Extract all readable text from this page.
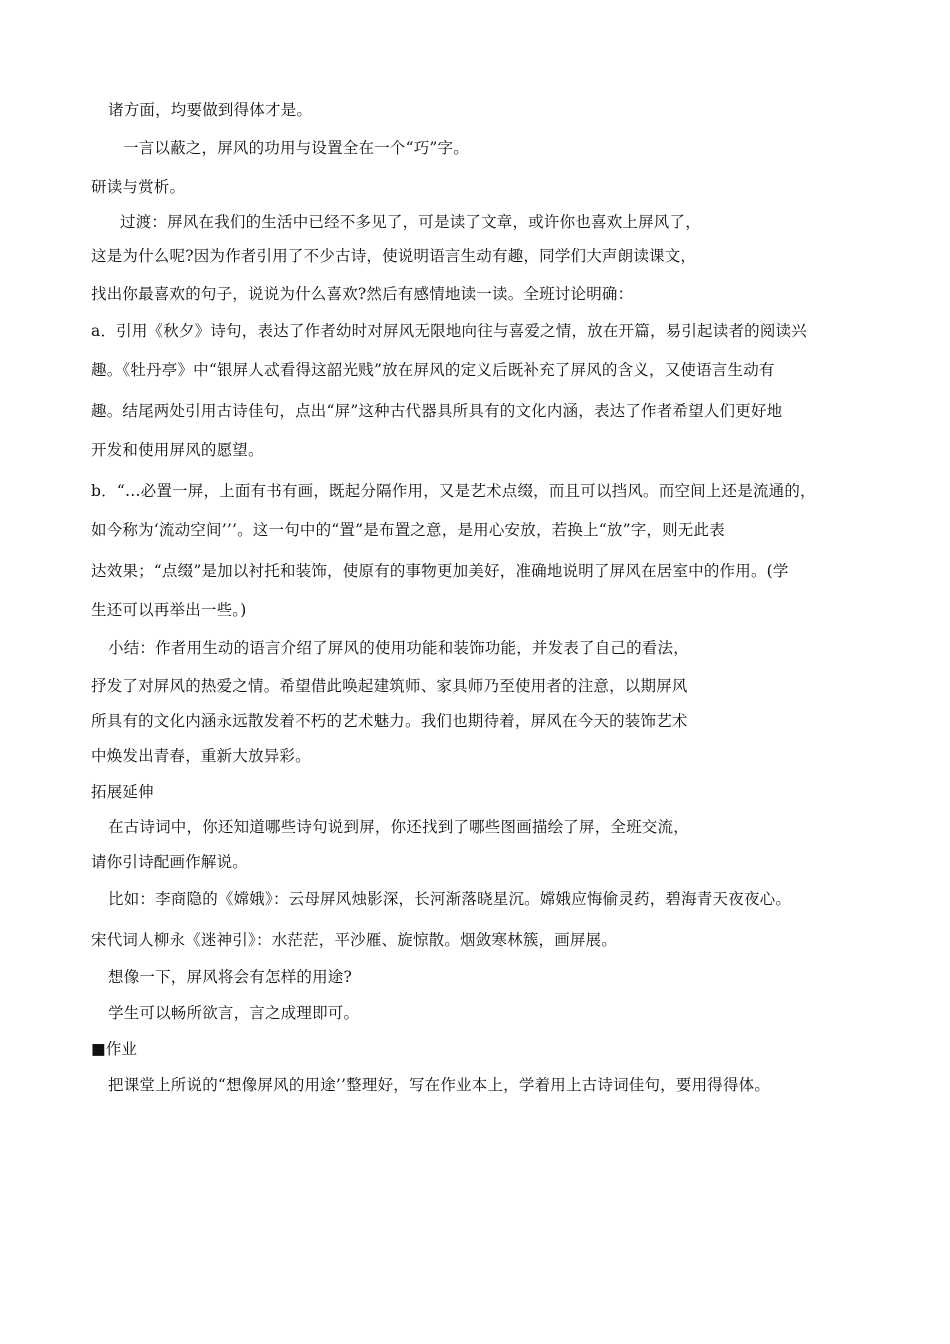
诸方面，均要做到得体才是。
一言以蔽之，屏风的功用与设置全在一个“巧”字。
研读与赏析。
过渡：屏风在我们的生活中已经不多见了，可是读了文章，或许你也喜欢上屏风了，
这是为什么呢?因为作者引用了不少古诗，使说明语言生动有趣，同学们大声朗读课文，
找出你最喜欢的句子，说说为什么喜欢?然后有感情地读一读。全班讨论明确：
a．引用《秋夕》诗句，表达了作者幼时对屏风无限地向往与喜爱之情，放在开篇，易引起读者的阅读兴
趣。《牡丹亭》中“银屏人忒看得这韶光贱”放在屏风的定义后既补充了屏风的含义，又使语言生动有
趣。结尾两处引用古诗佳句，点出“屏”这种古代器具所具有的文化内涵，表达了作者希望人们更好地
开发和使用屏风的愿望。
b．“…必置一屏，上面有书有画，既起分隔作用，又是艺术点缀，而且可以挡风。而空间上还是流通的，
如今称为‘流动空间’’’。这一句中的“置”是布置之意，是用心安放，若换上“放”字，则无此表
达效果；“点缀”是加以衬托和装饰，使原有的事物更加美好，准确地说明了屏风在居室中的作用。(学
生还可以再举出一些。)
小结：作者用生动的语言介绍了屏风的使用功能和装饰功能，并发表了自己的看法，
抒发了对屏风的热爱之情。希望借此唤起建筑师、家具师乃至使用者的注意，以期屏风
所具有的文化内涵永远散发着不朽的艺术魅力。我们也期待着，屏风在今天的装饰艺术
中焕发出青春，重新大放异彩。
拓展延伸
在古诗词中，你还知道哪些诗句说到屏，你还找到了哪些图画描绘了屏，全班交流，
请你引诗配画作解说。
比如：李商隐的《嫦娥》：云母屏风烛影深，长河渐落晓星沉。嫦娥应悔偷灵药，碧海青天夜夜心。
宋代词人柳永《迷神引》：水茫茫，平沙雁、旋惊散。烟敛寒林簇，画屏展。
想像一下，屏风将会有怎样的用途?
学生可以畅所欲言，言之成理即可。
■作业
把课堂上所说的“想像屏风的用途’’整理好，写在作业本上，学着用上古诗词佳句，要用得得体。
